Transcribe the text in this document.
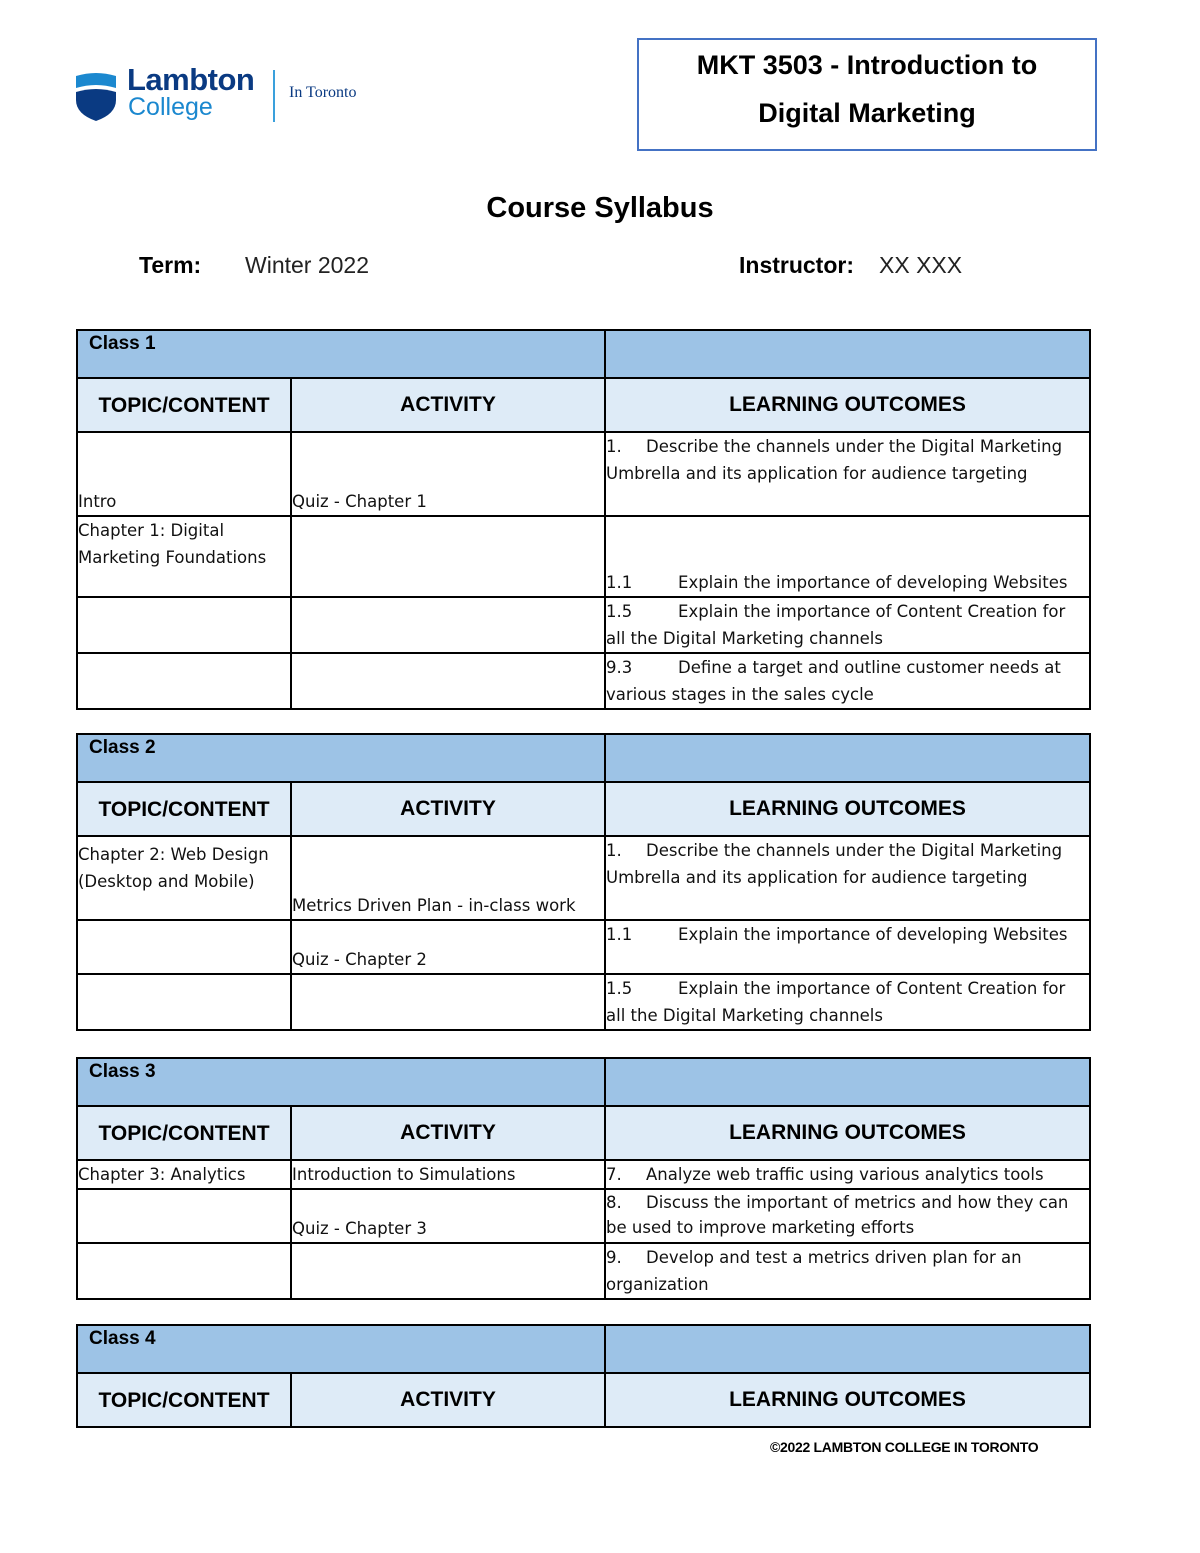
Lambton
College
In Toronto
MKT 3503 - Introduction to
Digital Marketing
Course Syllabus
Term: Winter 2022	Instructor: XX XXX
Class 1		

TOPIC/CONTENT	ACTIVITY	LEARNING OUTCOMES
Intro	Quiz - Chapter 1	1. Describe the channels under the Digital Marketing Umbrella and its application for audience targeting
Chapter 1: Digital Marketing Foundations		1.1 Explain the importance of developing Websites
		1.5 Explain the importance of Content Creation for all the Digital Marketing channels
		9.3 Define a target and outline customer needs at various stages in the sales cycle
Class 2		

TOPIC/CONTENT	ACTIVITY	LEARNING OUTCOMES
Chapter 2: Web Design (Desktop and Mobile)	Metrics Driven Plan - in-class work	1. Describe the channels under the Digital Marketing Umbrella and its application for audience targeting
	Quiz - Chapter 2	1.1 Explain the importance of developing Websites
		1.5 Explain the importance of Content Creation for all the Digital Marketing channels
Class 3		

TOPIC/CONTENT	ACTIVITY	LEARNING OUTCOMES
Chapter 3: Analytics	Introduction to Simulations	7. Analyze web traffic using various analytics tools
	Quiz - Chapter 3	8. Discuss the important of metrics and how they can be used to improve marketing efforts
		9. Develop and test a metrics driven plan for an organization
Class 4		

TOPIC/CONTENT	ACTIVITY	LEARNING OUTCOMES
©2022 LAMBTON COLLEGE IN TORONTO
